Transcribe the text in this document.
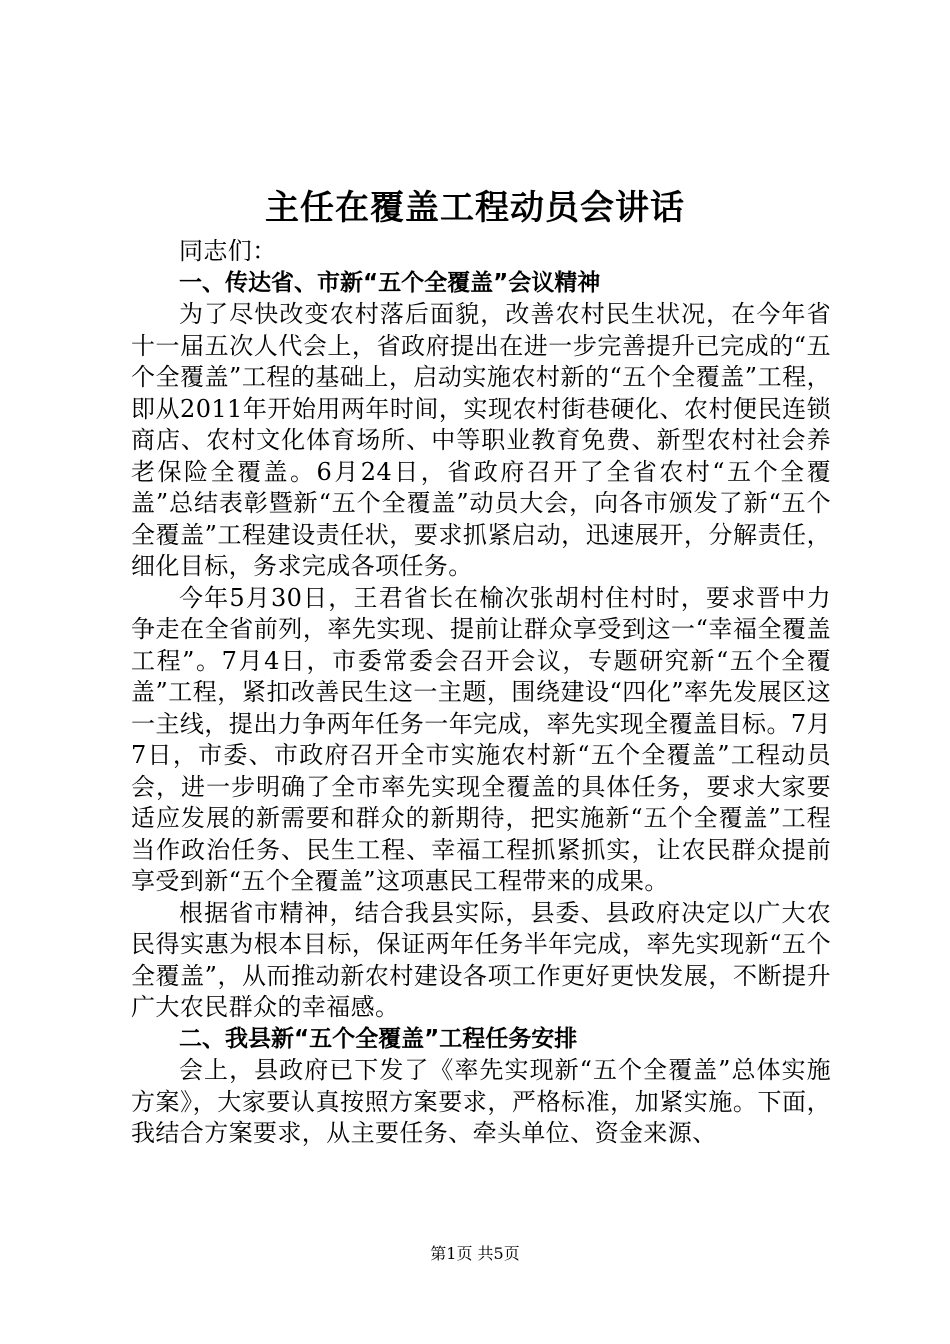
主任在覆盖工程动员会讲话

同志们：

一、传达省、市新“五个全覆盖”会议精神

为了尽快改变农村落后面貌，改善农村民生状况，在今年省十一届五次人代会上，省政府提出在进一步完善提升已完成的“五个全覆盖”工程的基础上，启动实施农村新的“五个全覆盖”工程，即从2011年开始用两年时间，实现农村街巷硬化、农村便民连锁商店、农村文化体育场所、中等职业教育免费、新型农村社会养老保险全覆盖。6月24日，省政府召开了全省农村“五个全覆盖”总结表彰暨新“五个全覆盖”动员大会，向各市颁发了新“五个全覆盖”工程建设责任状，要求抓紧启动，迅速展开，分解责任，细化目标，务求完成各项任务。

今年5月30日，王君省长在榆次张胡村住村时，要求晋中力争走在全省前列，率先实现、提前让群众享受到这一“幸福全覆盖工程”。7月4日，市委常委会召开会议，专题研究新“五个全覆盖”工程，紧扣改善民生这一主题，围绕建设“四化”率先发展区这一主线，提出力争两年任务一年完成，率先实现全覆盖目标。7月7日，市委、市政府召开全市实施农村新“五个全覆盖”工程动员会，进一步明确了全市率先实现全覆盖的具体任务，要求大家要适应发展的新需要和群众的新期待，把实施新“五个全覆盖”工程当作政治任务、民生工程、幸福工程抓紧抓实，让农民群众提前享受到新“五个全覆盖”这项惠民工程带来的成果。

根据省市精神，结合我县实际，县委、县政府决定以广大农民得实惠为根本目标，保证两年任务半年完成，率先实现新“五个全覆盖”，从而推动新农村建设各项工作更好更快发展，不断提升广大农民群众的幸福感。

二、我县新“五个全覆盖”工程任务安排

会上，县政府已下发了《率先实现新“五个全覆盖”总体实施方案》，大家要认真按照方案要求，严格标准，加紧实施。下面，我结合方案要求，从主要任务、牵头单位、资金来源、

第1页 共5页
